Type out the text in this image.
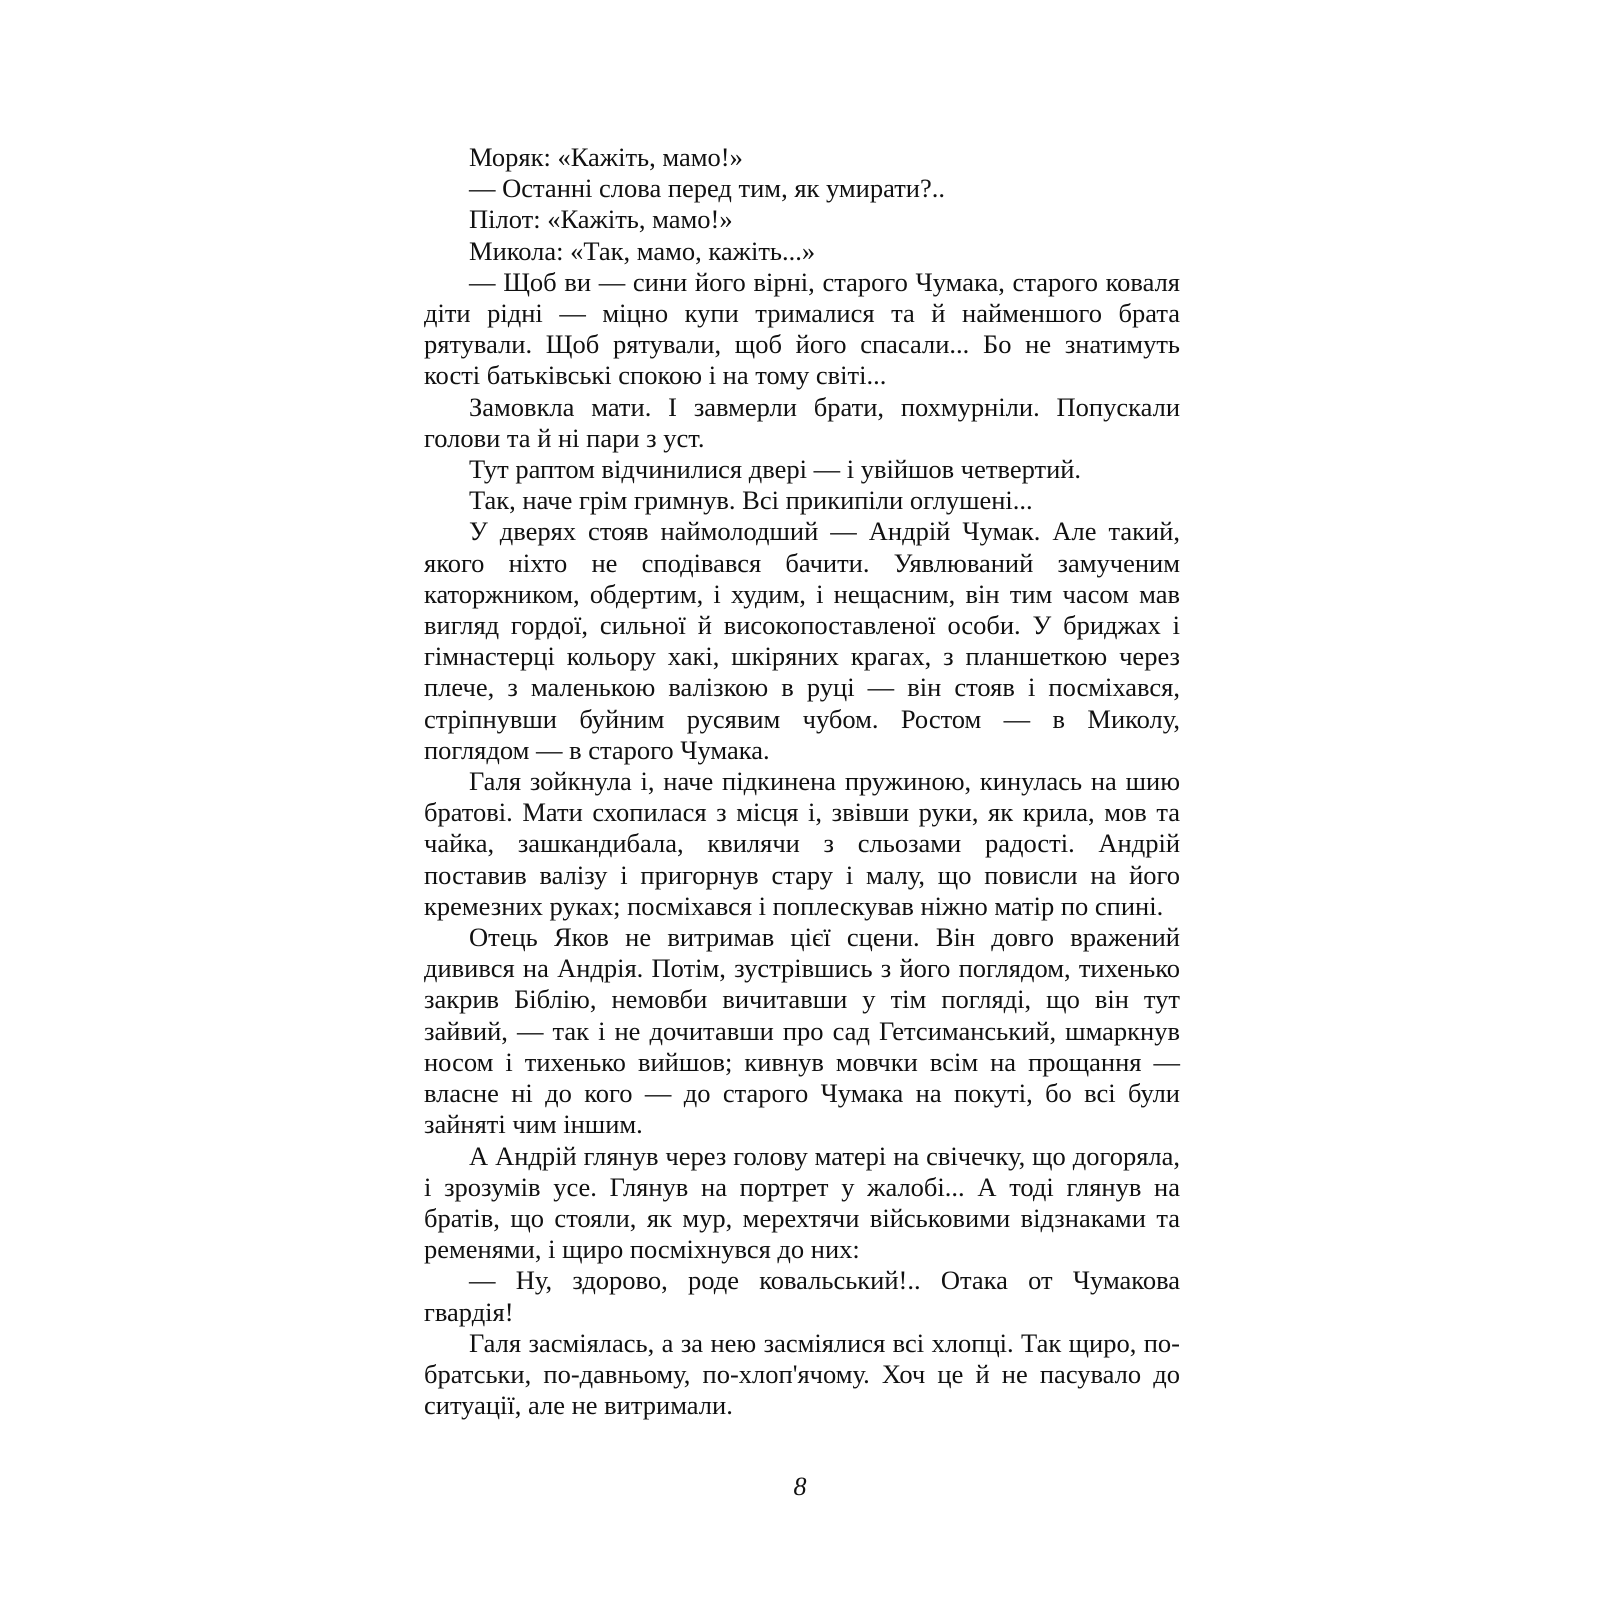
Моряк: «Кажіть, мамо!»

— Останні слова перед тим, як умирати?..

Пілот: «Кажіть, мамо!»

Микола: «Так, мамо, кажіть...»

— Щоб ви — сини його вірні, старого Чумака, старого коваля діти рідні — міцно купи трималися та й найменшого брата рятували. Щоб рятували, щоб його спасали... Бо не знатимуть кості батьківські спокою і на тому світі...

Замовкла мати. І завмерли брати, похмурніли. Попускали голови та й ні пари з уст.

Тут раптом відчинилися двері — і увійшов четвертий.

Так, наче грім гримнув. Всі прикипіли оглушені...

У дверях стояв наймолодший — Андрій Чумак. Але такий, якого ніхто не сподівався бачити. Уявлюваний замученим каторжником, обдертим, і худим, і нещасним, він тим часом мав вигляд гордої, сильної й високопоставленої особи. У бриджах і гімнастерці кольору хакі, шкіряних крагах, з планшеткою через плече, з маленькою валізкою в руці — він стояв і посміхався, стріпнувши буйним русявим чубом. Ростом — в Миколу, поглядом — в старого Чумака.

Галя зойкнула і, наче підкинена пружиною, кинулась на шию братові. Мати схопилася з місця і, звівши руки, як крила, мов та чайка, зашкандибала, квилячи з сльозами радості. Андрій поставив валізу і пригорнув стару і малу, що повисли на його кремезних руках; посміхався і поплескував ніжно матір по спині.

Отець Яков не витримав цієї сцени. Він довго вражений дивився на Андрія. Потім, зустрівшись з його поглядом, тихенько закрив Біблію, немовби вичитавши у тім погляді, що він тут зайвий, — так і не дочитавши про сад Гетсиманський, шмаркнув носом і тихенько вийшов; кивнув мовчки всім на прощання — власне ні до кого — до старого Чумака на покуті, бо всі були зайняті чим іншим.

А Андрій глянув через голову матері на свічечку, що догоряла, і зрозумів усе. Глянув на портрет у жалобі... А тоді глянув на братів, що стояли, як мур, мерехтячи військовими відзнаками та ременями, і щиро посміхнувся до них:

— Ну, здорово, роде ковальський!.. Отака от Чумакова гвардія!

Галя засміялась, а за нею засміялися всі хлопці. Так щиро, по-братськи, по-давньому, по-хлоп'ячому. Хоч це й не пасувало до ситуації, але не витримали.

8
